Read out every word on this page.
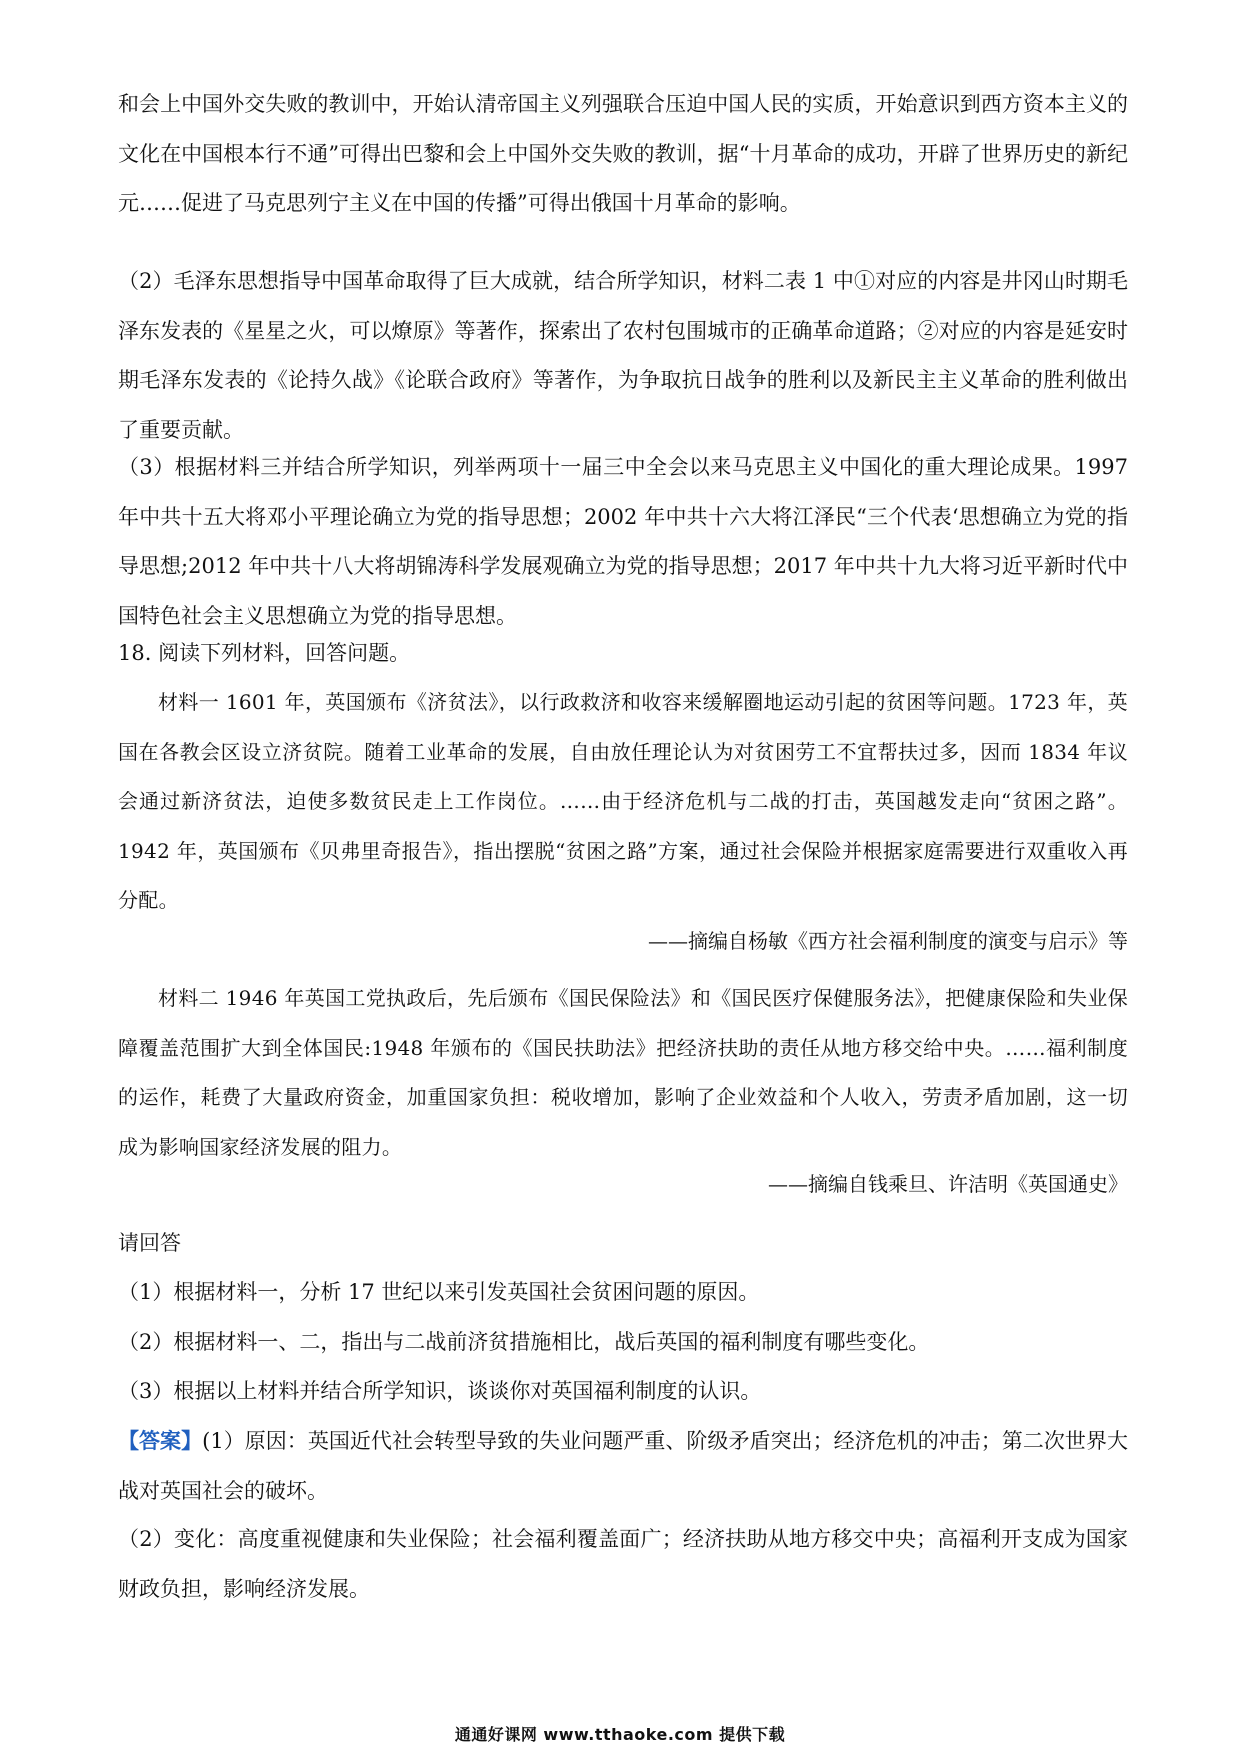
和会上中国外交失败的教训中，开始认清帝国主义列强联合压迫中国人民的实质，开始意识到西方资本主义的文化在中国根本行不通”可得出巴黎和会上中国外交失败的教训，据“十月革命的成功，开辟了世界历史的新纪元……促进了马克思列宁主义在中国的传播”可得出俄国十月革命的影响。

（2）毛泽东思想指导中国革命取得了巨大成就，结合所学知识，材料二表 1 中①对应的内容是井冈山时期毛泽东发表的《星星之火，可以燎原》等著作，探索出了农村包围城市的正确革命道路；②对应的内容是延安时期毛泽东发表的《论持久战》《论联合政府》等著作，为争取抗日战争的胜利以及新民主主义革命的胜利做出了重要贡献。

（3）根据材料三并结合所学知识，列举两项十一届三中全会以来马克思主义中国化的重大理论成果。1997 年中共十五大将邓小平理论确立为党的指导思想；2002 年中共十六大将江泽民“三个代表‘思想确立为党的指导思想;2012 年中共十八大将胡锦涛科学发展观确立为党的指导思想；2017 年中共十九大将习近平新时代中国特色社会主义思想确立为党的指导思想。

18. 阅读下列材料，回答问题。

材料一 1601 年，英国颁布《济贫法》，以行政救济和收容来缓解圈地运动引起的贫困等问题。1723 年，英国在各教会区设立济贫院。随着工业革命的发展，自由放任理论认为对贫困劳工不宜帮扶过多，因而 1834 年议会通过新济贫法，迫使多数贫民走上工作岗位。……由于经济危机与二战的打击，英国越发走向“贫困之路”。1942 年，英国颁布《贝弗里奇报告》，指出摆脱“贫困之路”方案，通过社会保险并根据家庭需要进行双重收入再分配。

——摘编自杨敏《西方社会福利制度的演变与启示》等

材料二 1946 年英国工党执政后，先后颁布《国民保险法》和《国民医疗保健服务法》，把健康保险和失业保障覆盖范围扩大到全体国民:1948 年颁布的《国民扶助法》把经济扶助的责任从地方移交给中央。……福利制度的运作，耗费了大量政府资金，加重国家负担：税收增加，影响了企业效益和个人收入，劳责矛盾加剧，这一切成为影响国家经济发展的阻力。

——摘编自钱乘旦、许洁明《英国通史》

请回答

（1）根据材料一，分析 17 世纪以来引发英国社会贫困问题的原因。

（2）根据材料一、二，指出与二战前济贫措施相比，战后英国的福利制度有哪些变化。

（3）根据以上材料并结合所学知识，谈谈你对英国福利制度的认识。

【答案】(1）原因：英国近代社会转型导致的失业问题严重、阶级矛盾突出；经济危机的冲击；第二次世界大战对英国社会的破坏。

（2）变化：高度重视健康和失业保险；社会福利覆盖面广；经济扶助从地方移交中央；高福利开支成为国家财政负担，影响经济发展。

通通好课网 www.tthaoke.com 提供下载
